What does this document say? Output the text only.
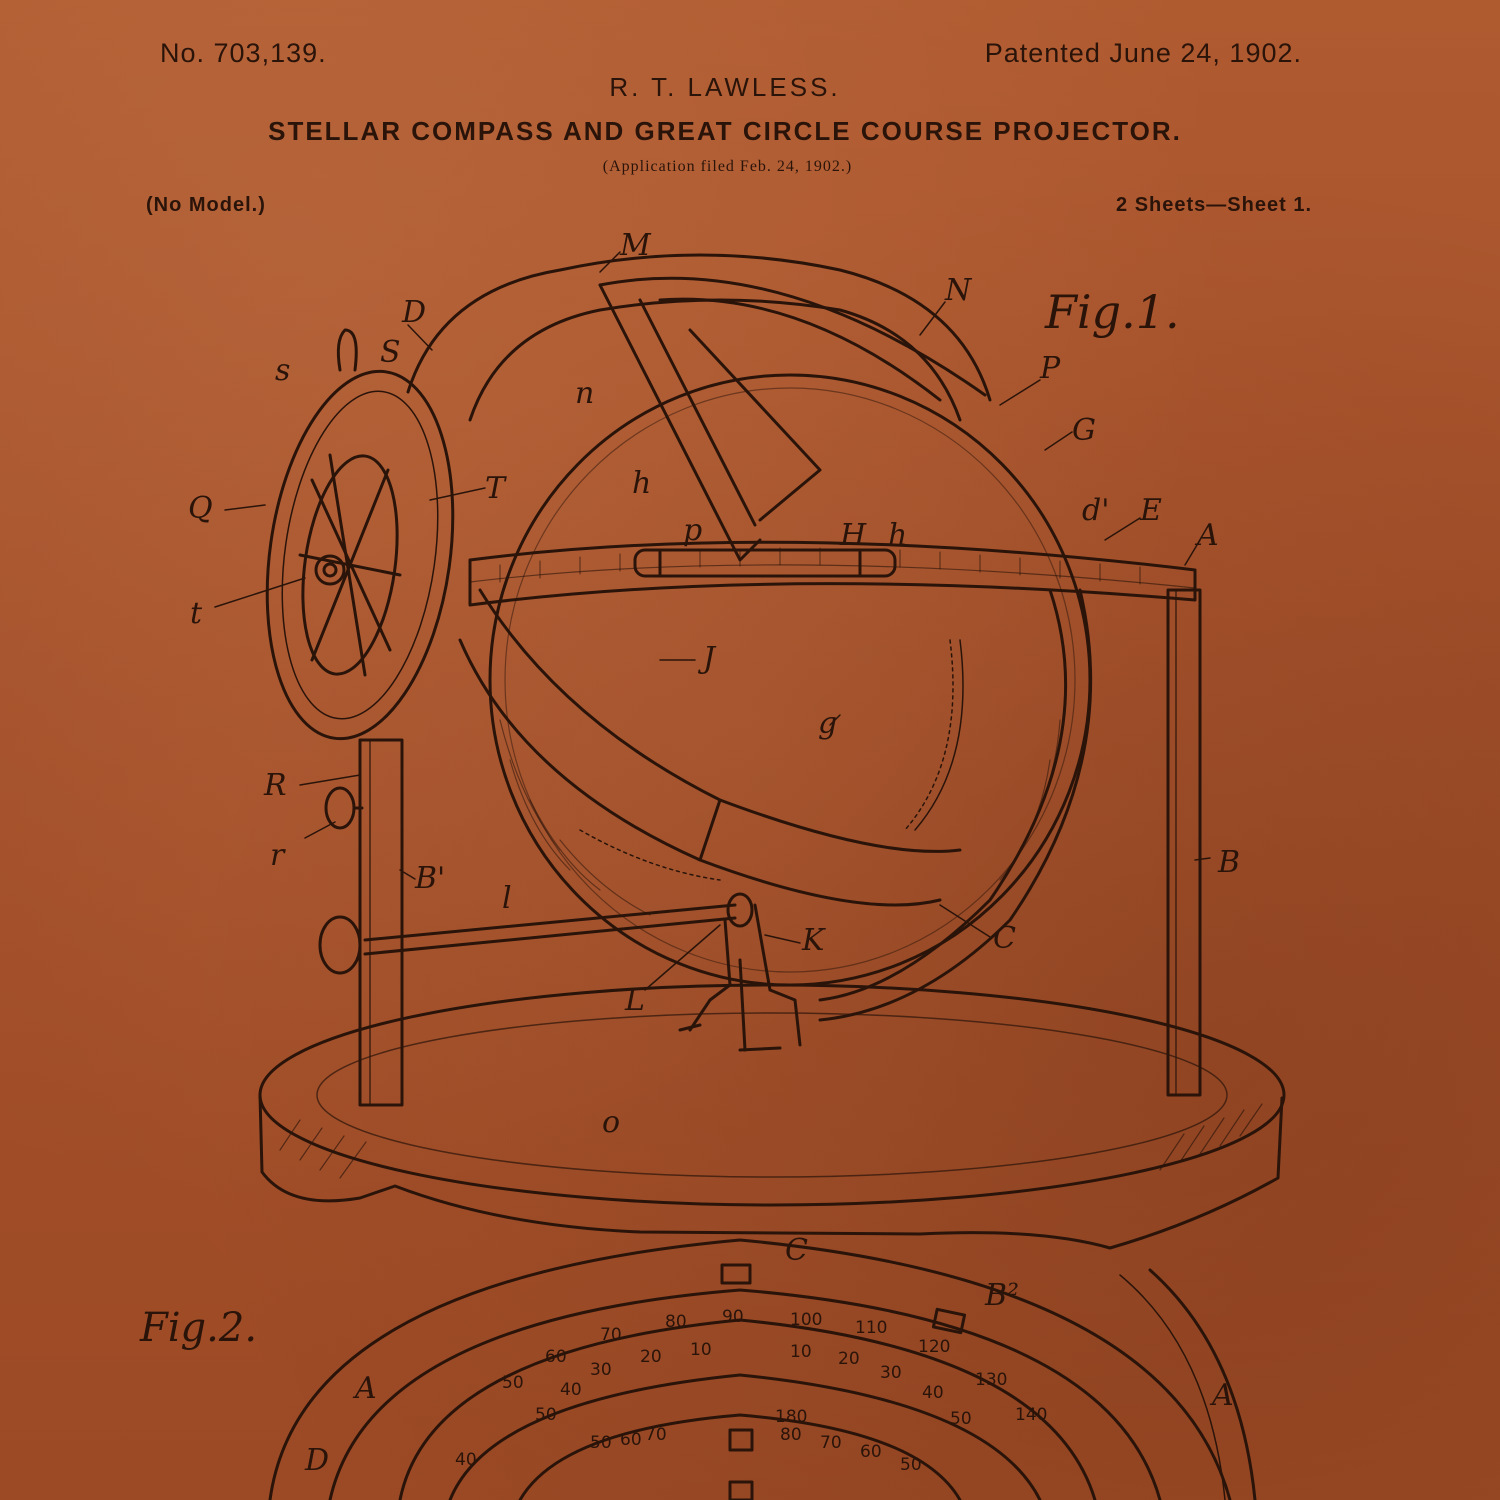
No. 703,139.	Patented June 24, 1902.
R. T. LAWLESS.
STELLAR COMPASS AND GREAT CIRCLE COURSE PROJECTOR.
(Application filed Feb. 24, 1902.)
(No Model.)	2 Sheets—Sheet 1.
M
D
N
S
s
n
P
G
Q
T	h
d' E
A
p	H h
t
J
g
R
r
B'	B
l
K	C
L
o
C
B²
A	A
D
50
60
70
80 90	100 110
120
130
140
50
40
30
20 10	10 20
30
40
50
40
50 60 70
180
80 70 60
50
Fig.1.
Fig.2.
